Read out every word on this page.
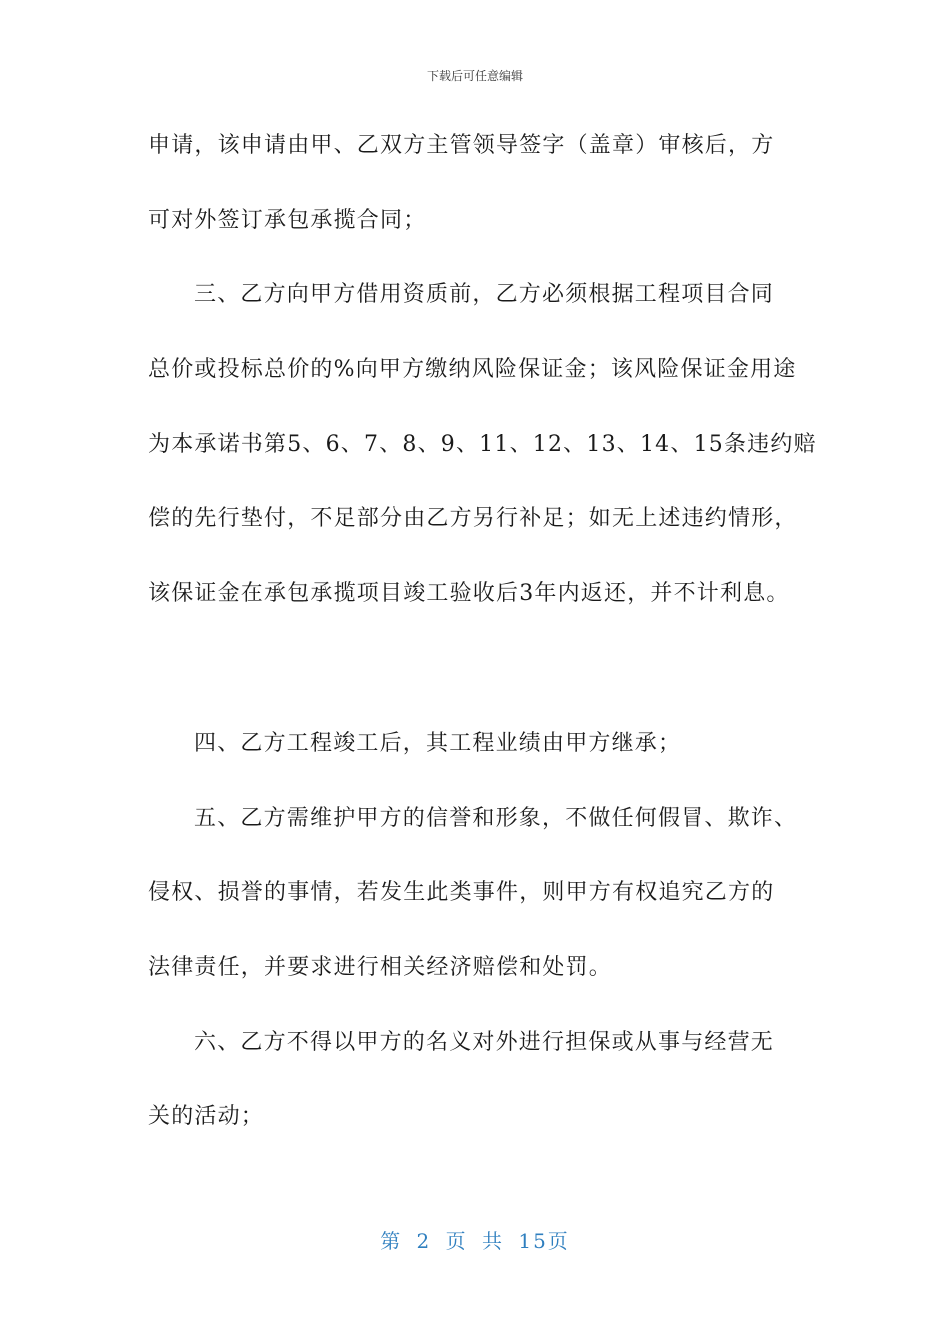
下载后可任意编辑
申请，该申请由甲、乙双方主管领导签字（盖章）审核后，方
可对外签订承包承揽合同；
三、乙方向甲方借用资质前，乙方必须根据工程项目合同
总价或投标总价的%向甲方缴纳风险保证金；该风险保证金用途
为本承诺书第5、6、7、8、9、11、12、13、14、15条违约赔
偿的先行垫付，不足部分由乙方另行补足；如无上述违约情形，
该保证金在承包承揽项目竣工验收后3年内返还，并不计利息。
四、乙方工程竣工后，其工程业绩由甲方继承；
五、乙方需维护甲方的信誉和形象，不做任何假冒、欺诈、
侵权、损誉的事情，若发生此类事件，则甲方有权追究乙方的
法律责任，并要求进行相关经济赔偿和处罚。
六、乙方不得以甲方的名义对外进行担保或从事与经营无
关的活动；
第 2 页 共 15页
